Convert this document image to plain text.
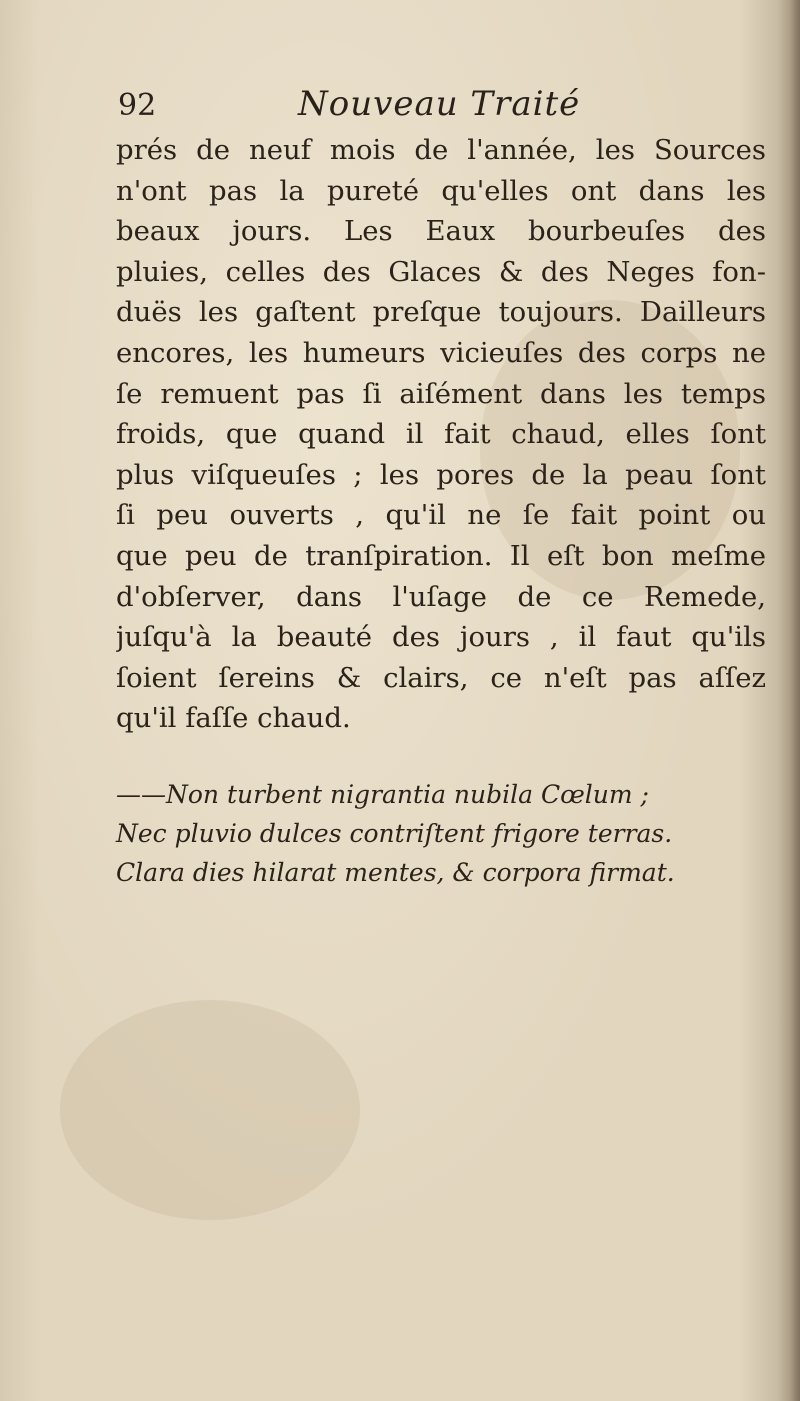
92	Nouveau Traité
prés de neuf mois de l'année, les Sources
n'ont pas la pureté qu'elles ont dans les
beaux jours. Les Eaux bourbeuſes des
pluies, celles des Glaces & des Neges fon-
duës les gaſtent preſque toujours. Dailleurs
encores, les humeurs vicieuſes des corps ne
ſe remuent pas ſi aiſément dans les temps
froids, que quand il fait chaud, elles ſont
plus viſqueuſes ; les pores de la peau ſont
ſi peu ouverts , qu'il ne ſe fait point ou
que peu de tranſpiration. Il eſt bon meſme
d'obſerver, dans l'uſage de ce Remede,
juſqu'à la beauté des jours , il faut qu'ils
ſoient ſereins & clairs, ce n'eſt pas aſſez
qu'il faſſe chaud.
——Non turbent nigrantia nubila Cœlum ;
Nec pluvio dulces contriſtent frigore terras.
Clara dies hilarat mentes, & corpora firmat.
